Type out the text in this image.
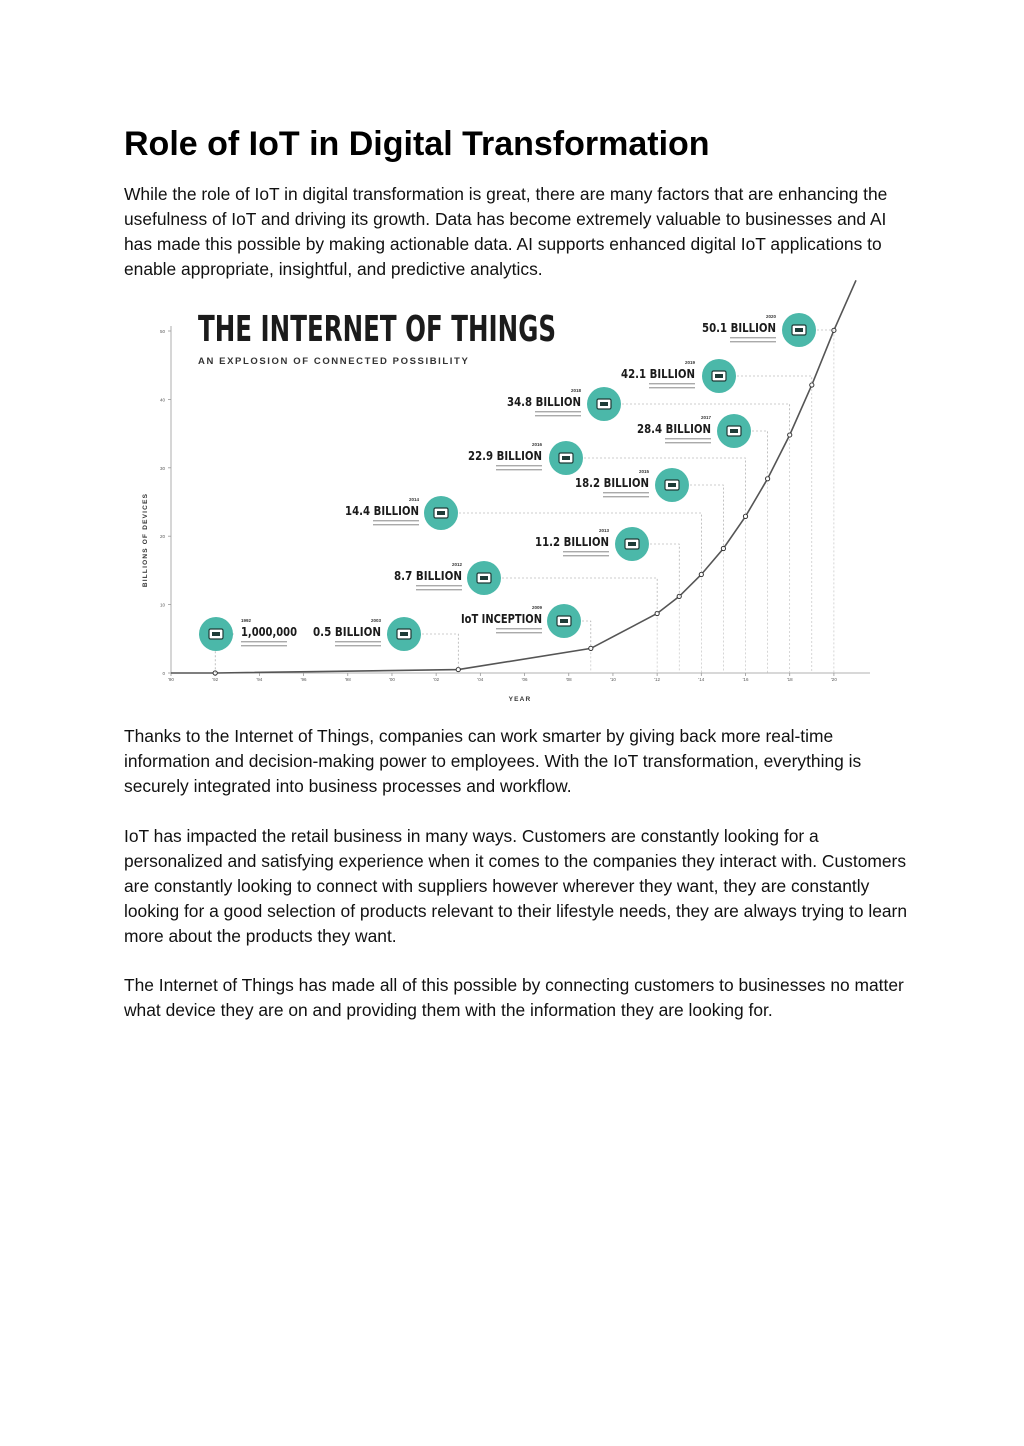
Role of IoT in Digital Transformation

While the role of IoT in digital transformation is great, there are many factors that are enhancing the usefulness of IoT and driving its growth. Data has become extremely valuable to businesses and AI has made this possible by making actionable data. AI supports enhanced digital IoT applications to enable appropriate, insightful, and predictive analytics.

0
10
20
30
40
50
'90	'92	'94	'96	'98	'00	'02	'04	'06	'08	'10	'12	'14	'16	'18	'20
1992
1,000,000
2003
0.5 BILLION
2009
IoT INCEPTION
2012
8.7 BILLION
2013
11.2 BILLION
2014
14.4 BILLION
2015
18.2 BILLION
2016
22.9 BILLION
2017
28.4 BILLION
2018
34.8 BILLION
2019
42.1 BILLION
2020
50.1 BILLION
THE INTERNET OF THINGS
AN EXPLOSION OF CONNECTED POSSIBILITY
BILLIONS OF DEVICES
YEAR

Thanks to the Internet of Things, companies can work smarter by giving back more real-time information and decision-making power to employees. With the IoT transformation, everything is securely integrated into business processes and workflow.

IoT has impacted the retail business in many ways. Customers are constantly looking for a personalized and satisfying experience when it comes to the companies they interact with. Customers are constantly looking to connect with suppliers however wherever they want, they are constantly looking for a good selection of products relevant to their lifestyle needs, they are always trying to learn more about the products they want.

The Internet of Things has made all of this possible by connecting customers to businesses no matter what device they are on and providing them with the information they are looking for.
